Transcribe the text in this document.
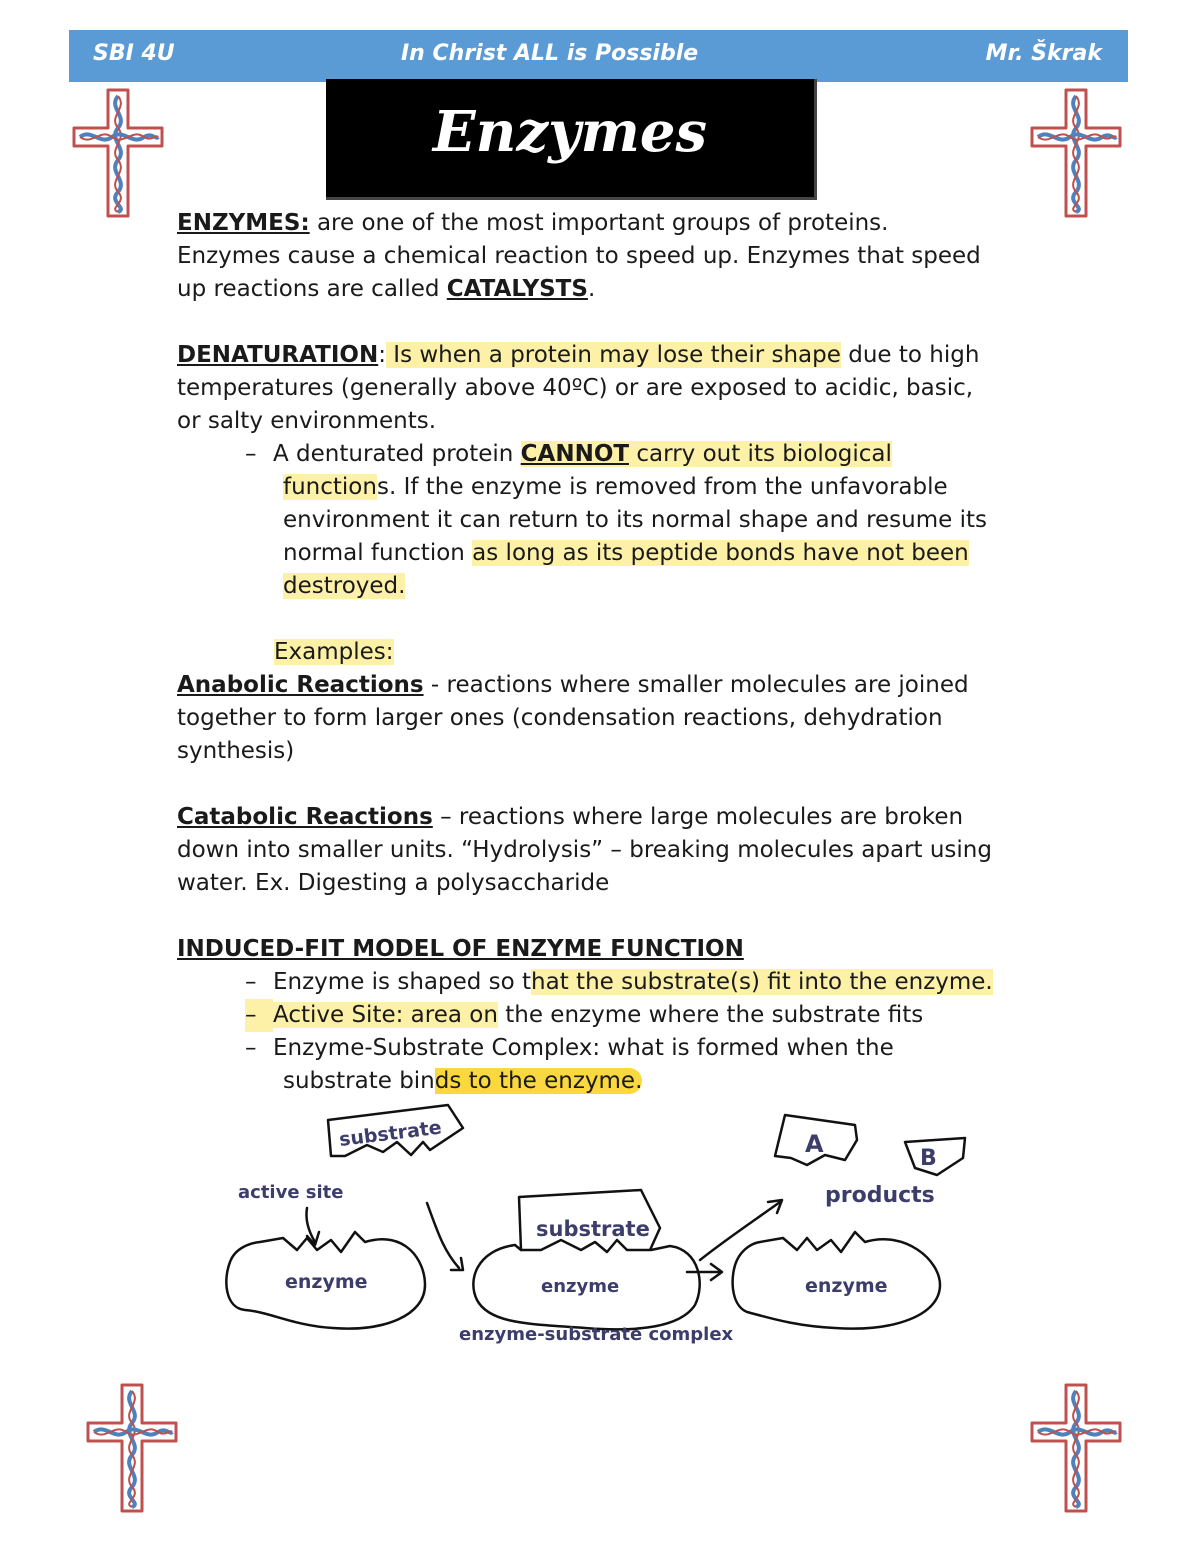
SBI 4U	In Christ ALL is Possible	Mr. Škrak
Enzymes

ENZYMES: are one of the most important groups of proteins.

Enzymes cause a chemical reaction to speed up. Enzymes that speed

up reactions are called CATALYSTS.

DENATURATION: Is when a protein may lose their shape due to high

temperatures (generally above 40ºC) or are exposed to acidic, basic,

or salty environments.

– A denturated protein CANNOT carry out its biological

functions. If the enzyme is removed from the unfavorable

environment it can return to its normal shape and resume its

normal function as long as its peptide bonds have not been

destroyed.

Examples:

Anabolic Reactions - reactions where smaller molecules are joined

together to form larger ones (condensation reactions, dehydration

synthesis)

Catabolic Reactions – reactions where large molecules are broken

down into smaller units. “Hydrolysis” – breaking molecules apart using

water. Ex. Digesting a polysaccharide

INDUCED-FIT MODEL OF ENZYME FUNCTION

– Enzyme is shaped so that the substrate(s) fit into the enzyme.

– Active Site: area on the enzyme where the substrate fits

– Enzyme-Substrate Complex: what is formed when the

substrate binds to the enzyme.

substrate
active site
enzyme
substrate
enzyme
enzyme-substrate complex
products
A
B
enzyme
